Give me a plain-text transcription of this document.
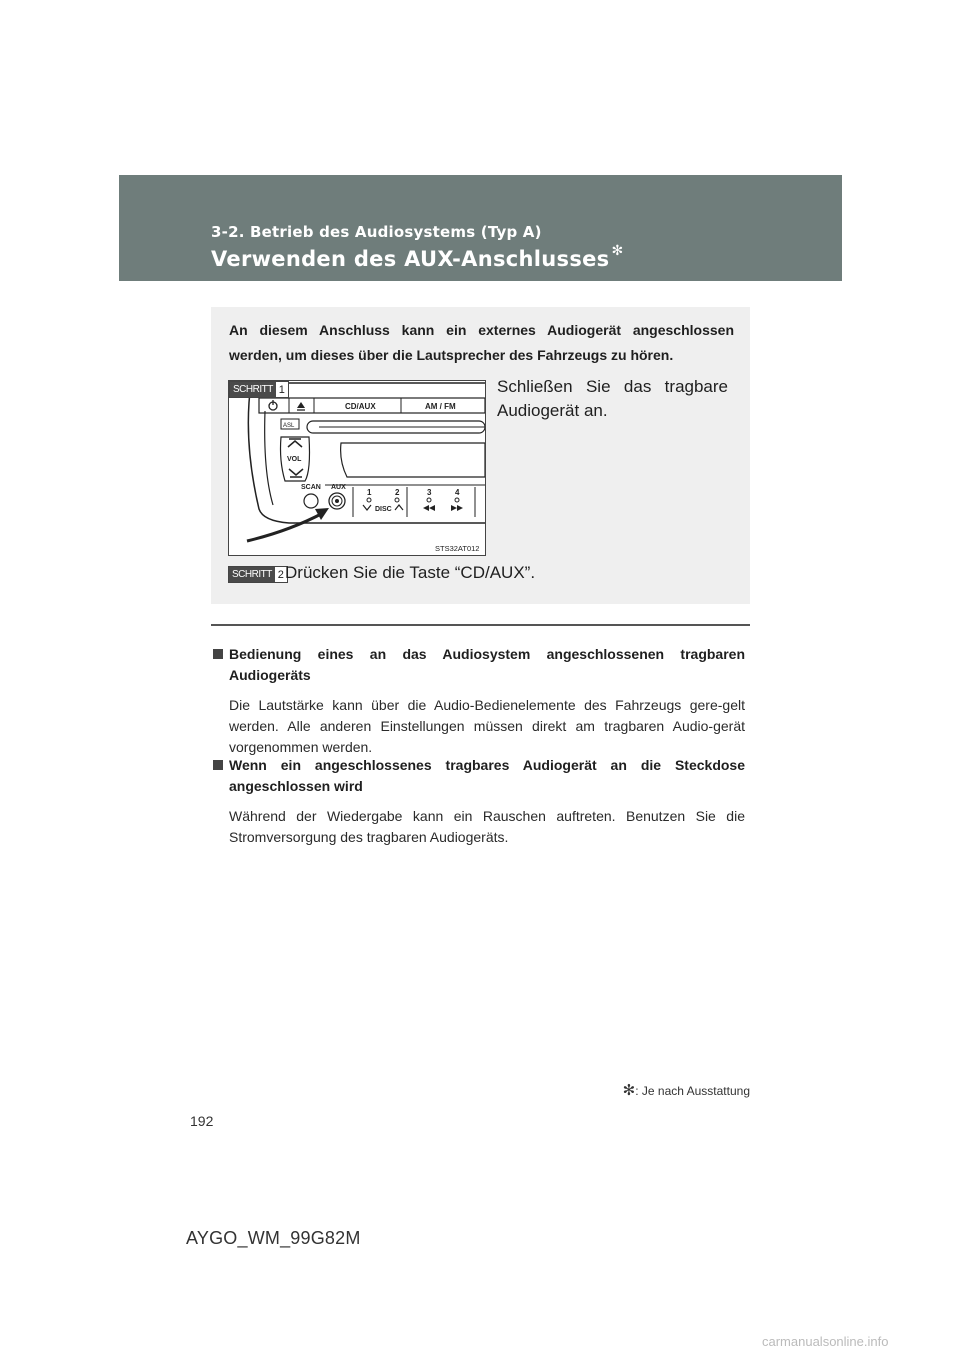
3-2. Betrieb des Audiosystems (Typ A)
Verwenden des AUX-Anschlusses ✻
An diesem Anschluss kann ein externes Audiogerät angeschlossen werden, um dieses über die Lautsprecher des Fahrzeugs zu hören.
CD/AUX	AM / FM
ASL
VOL
SCAN AUX
1	2	3	4
DISC
STS32AT012
SCHRITT 1	Schließen Sie das tragbare Audiogerät an.
SCHRITT 2 Drücken Sie die Taste “CD/AUX”.
Bedienung eines an das Audiosystem angeschlossenen tragbaren Audiogeräts
Die Lautstärke kann über die Audio-Bedienelemente des Fahrzeugs gere-gelt werden. Alle anderen Einstellungen müssen direkt am tragbaren Audio-gerät vorgenommen werden.
Wenn ein angeschlossenes tragbares Audiogerät an die Steckdose angeschlossen wird
Während der Wiedergabe kann ein Rauschen auftreten. Benutzen Sie die Stromversorgung des tragbaren Audiogeräts.
✻: Je nach Ausstattung
192
AYGO_WM_99G82M
carmanualsonline.info
